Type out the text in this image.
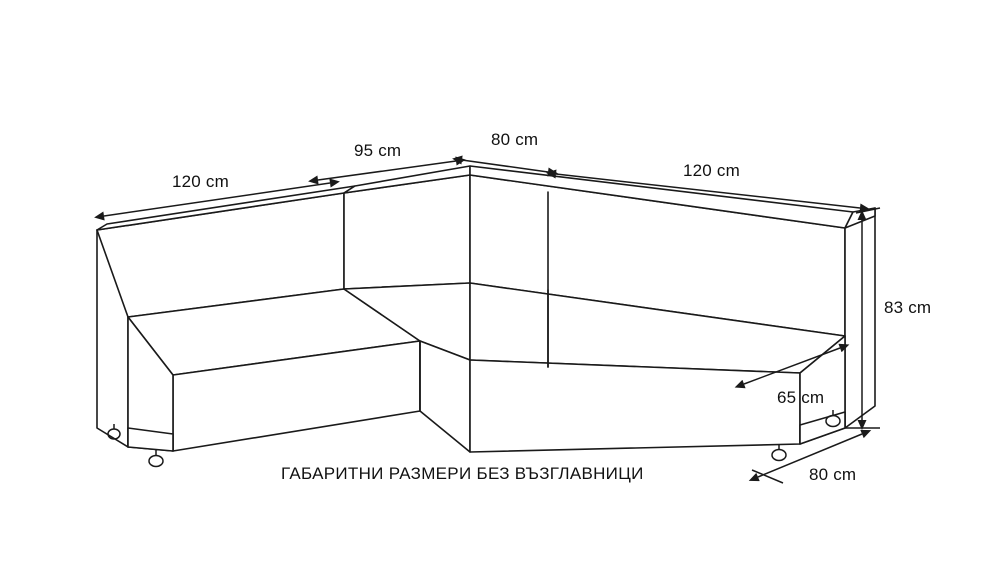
120 cm
95 cm
80 cm
120 cm
83 cm
65 cm
80 cm
ГАБАРИТНИ РАЗМЕРИ БЕЗ ВЪЗГЛАВНИЦИ
